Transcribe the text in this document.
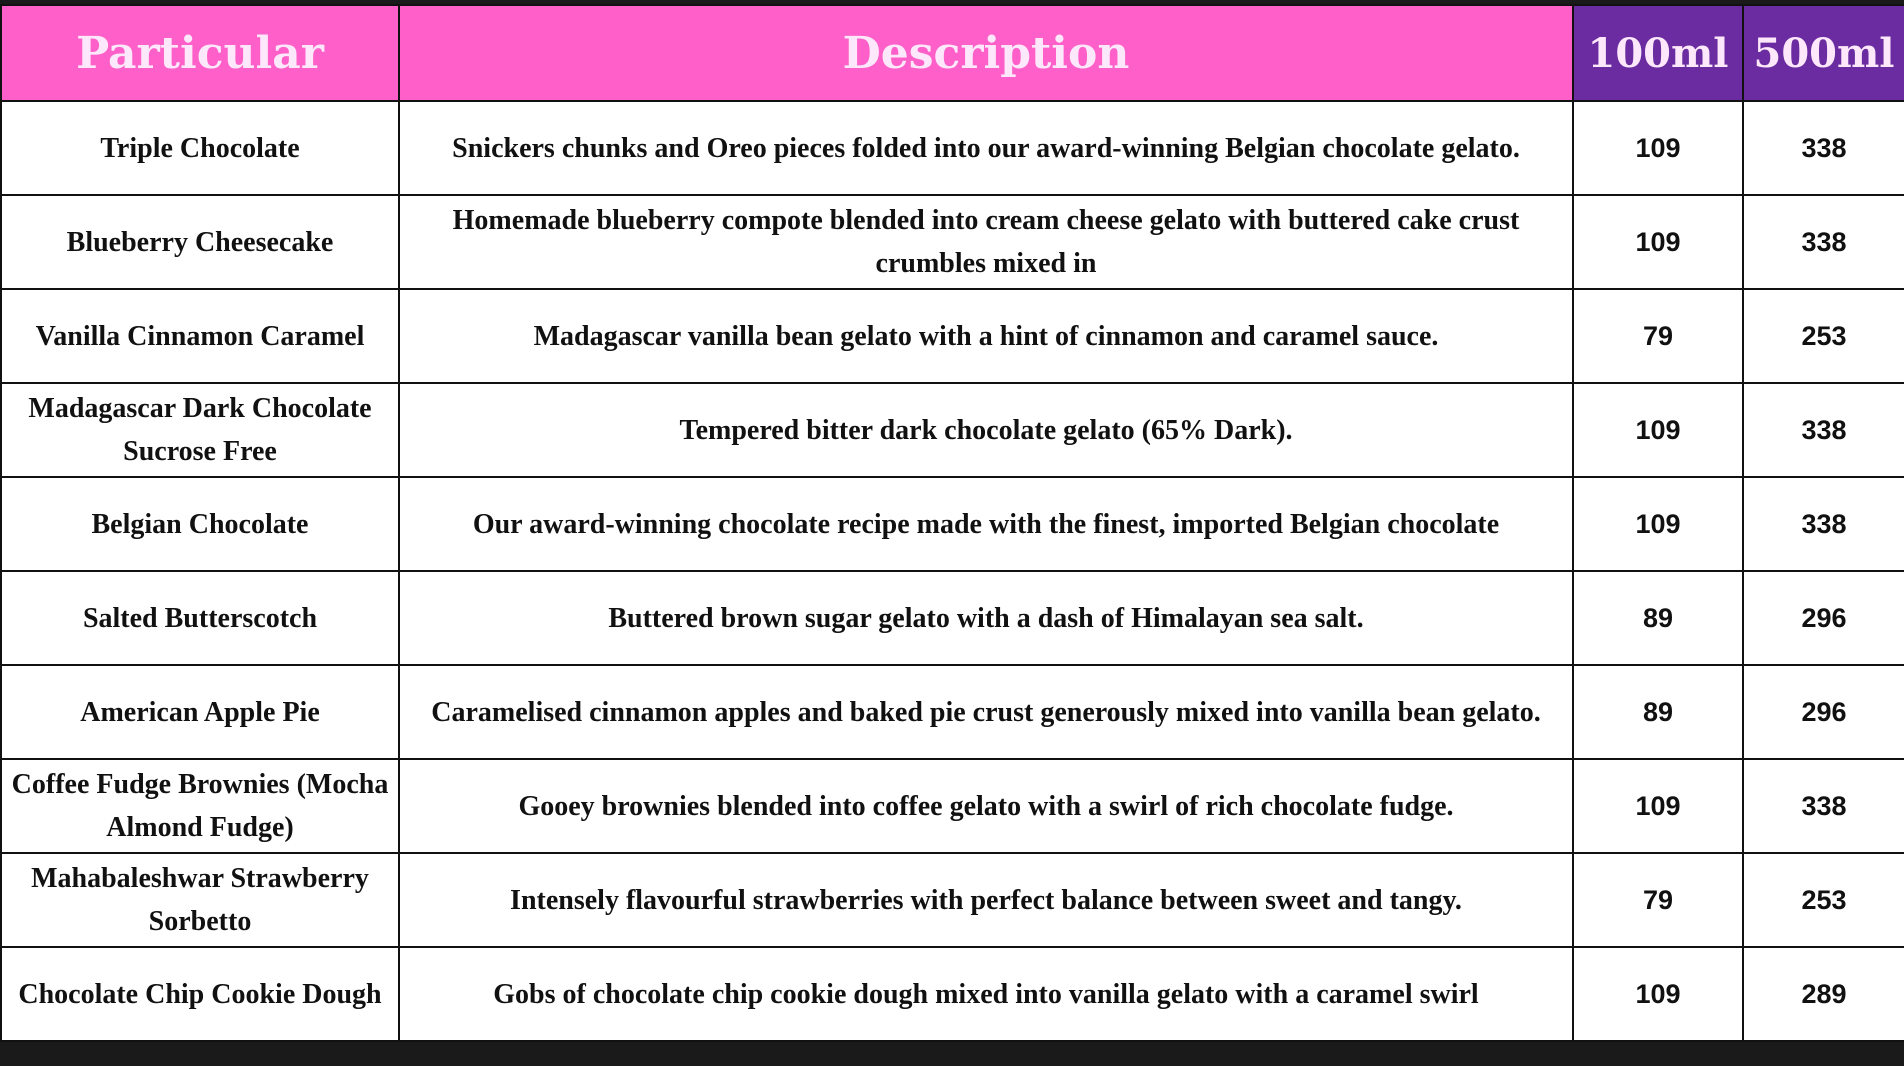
Particular	Description	100ml	500ml
Triple Chocolate	Snickers chunks and Oreo pieces folded into our award-winning Belgian chocolate gelato.	109	338
Blueberry Cheesecake	Homemade blueberry compote blended into cream cheese gelato with buttered cake crust crumbles mixed in	109	338
Vanilla Cinnamon Caramel	Madagascar vanilla bean gelato with a hint of cinnamon and caramel sauce.	79	253
Madagascar Dark Chocolate Sucrose Free	Tempered bitter dark chocolate gelato (65% Dark).	109	338
Belgian Chocolate	Our award-winning chocolate recipe made with the finest, imported Belgian chocolate	109	338
Salted Butterscotch	Buttered brown sugar gelato with a dash of Himalayan sea salt.	89	296
American Apple Pie	Caramelised cinnamon apples and baked pie crust generously mixed into vanilla bean gelato.	89	296
Coffee Fudge Brownies (Mocha Almond Fudge)	Gooey brownies blended into coffee gelato with a swirl of rich chocolate fudge.	109	338
Mahabaleshwar Strawberry Sorbetto	Intensely flavourful strawberries with perfect balance between sweet and tangy.	79	253
Chocolate Chip Cookie Dough	Gobs of chocolate chip cookie dough mixed into vanilla gelato with a caramel swirl	109	289
